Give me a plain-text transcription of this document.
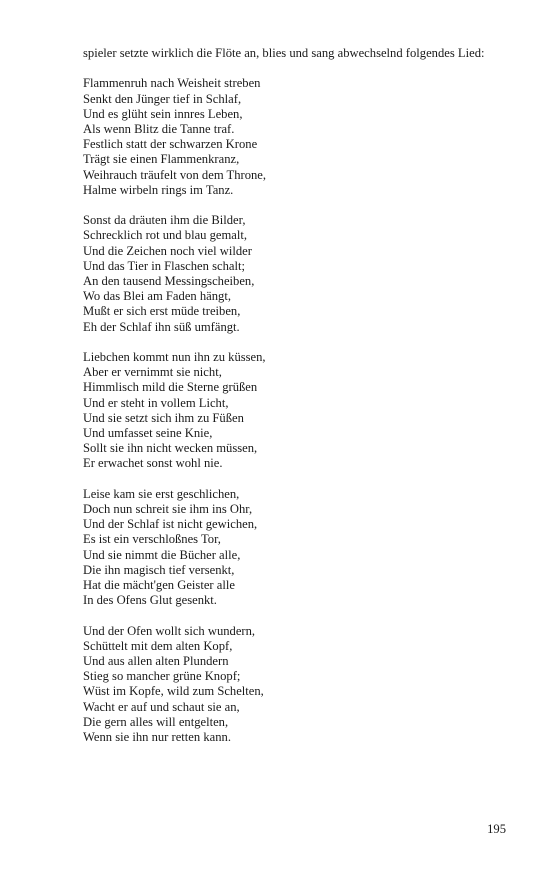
spieler setzte wirklich die Flöte an, blies und sang abwechselnd folgendes Lied:

Flammenruh nach Weisheit streben
Senkt den Jünger tief in Schlaf,
Und es glüht sein innres Leben,
Als wenn Blitz die Tanne traf.
Festlich statt der schwarzen Krone
Trägt sie einen Flammenkranz,
Weihrauch träufelt von dem Throne,
Halme wirbeln rings im Tanz.
Sonst da dräuten ihm die Bilder,
Schrecklich rot und blau gemalt,
Und die Zeichen noch viel wilder
Und das Tier in Flaschen schalt;
An den tausend Messingscheiben,
Wo das Blei am Faden hängt,
Mußt er sich erst müde treiben,
Eh der Schlaf ihn süß umfängt.
Liebchen kommt nun ihn zu küssen,
Aber er vernimmt sie nicht,
Himmlisch mild die Sterne grüßen
Und er steht in vollem Licht,
Und sie setzt sich ihm zu Füßen
Und umfasset seine Knie,
Sollt sie ihn nicht wecken müssen,
Er erwachet sonst wohl nie.
Leise kam sie erst geschlichen,
Doch nun schreit sie ihm ins Ohr,
Und der Schlaf ist nicht gewichen,
Es ist ein verschloßnes Tor,
Und sie nimmt die Bücher alle,
Die ihn magisch tief versenkt,
Hat die mächt'gen Geister alle
In des Ofens Glut gesenkt.
Und der Ofen wollt sich wundern,
Schüttelt mit dem alten Kopf,
Und aus allen alten Plundern
Stieg so mancher grüne Knopf;
Wüst im Kopfe, wild zum Schelten,
Wacht er auf und schaut sie an,
Die gern alles will entgelten,
Wenn sie ihn nur retten kann.
195
